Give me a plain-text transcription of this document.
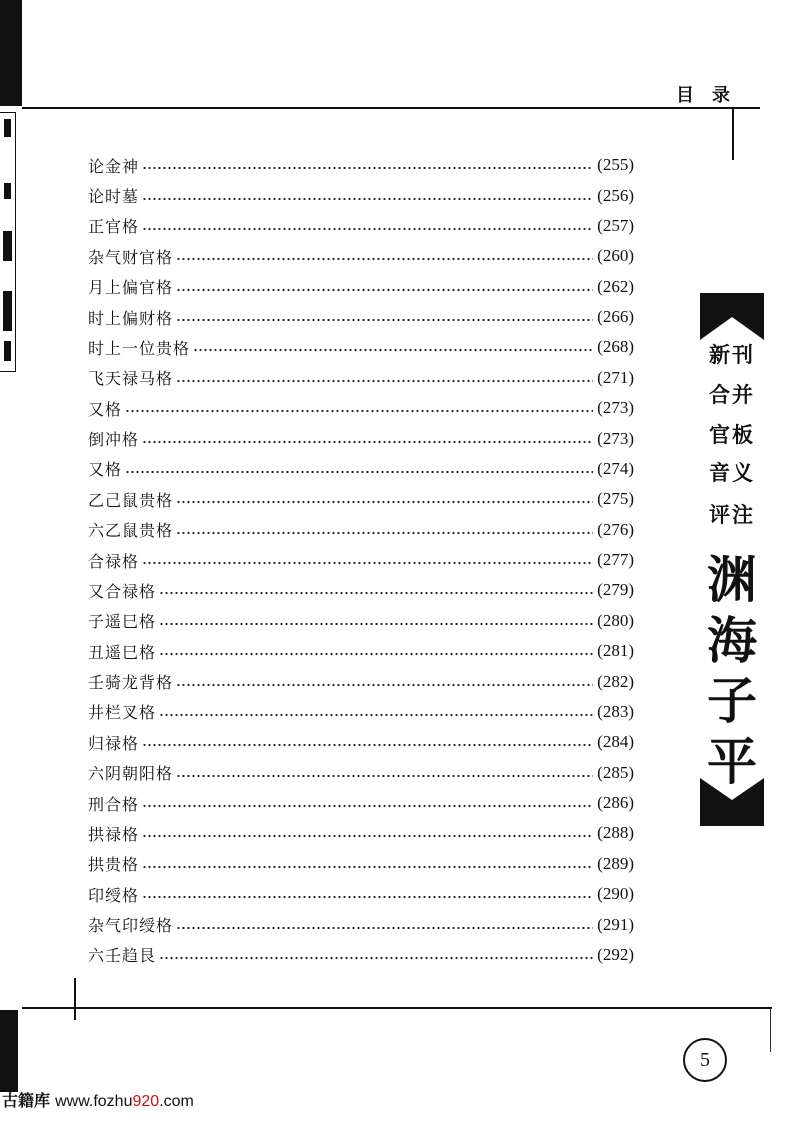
目 录
论金神	(255)
论时墓	(256)
正官格	(257)
杂气财官格	(260)
月上偏官格	(262)
时上偏财格	(266)
时上一位贵格	(268)
飞天禄马格	(271)
又格	(273)
倒冲格	(273)
又格	(274)
乙己鼠贵格	(275)
六乙鼠贵格	(276)
合禄格	(277)
又合禄格	(279)
子遥巳格	(280)
丑遥巳格	(281)
壬骑龙背格	(282)
井栏叉格	(283)
归禄格	(284)
六阴朝阳格	(285)
刑合格	(286)
拱禄格	(288)
拱贵格	(289)
印绶格	(290)
杂气印绶格	(291)
六壬趋艮	(292)
新刊
合并
官板
音义
评注
渊
海
子
平
5
古籍库 www.fozhu920.com
